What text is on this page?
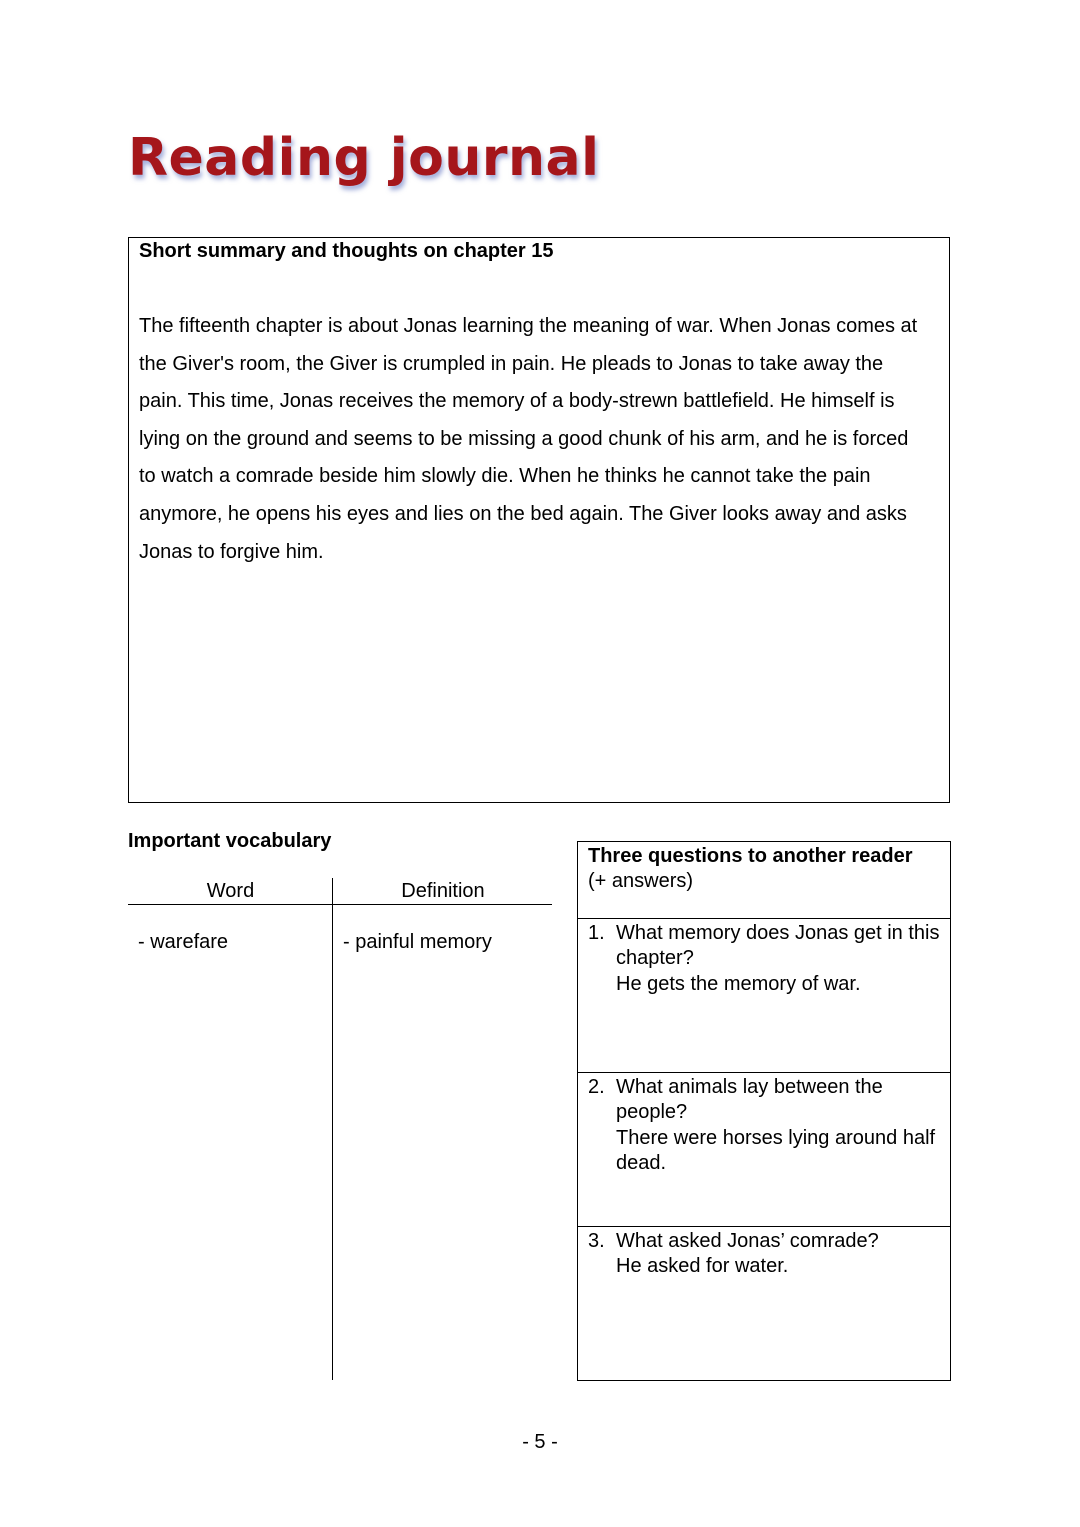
Reading journal
Short summary and thoughts on chapter 15

The fifteenth chapter is about Jonas learning the meaning of war. When Jonas comes at the Giver's room, the Giver is crumpled in pain. He pleads to Jonas to take away the pain. This time, Jonas receives the memory of a body-strewn battlefield. He himself is lying on the ground and seems to be missing a good chunk of his arm, and he is forced to watch a comrade beside him slowly die. When he thinks he cannot take the pain anymore, he opens his eyes and lies on the bed again. The Giver looks away and asks Jonas to forgive him.

Important vocabulary
Word	Definition
- warefare	- painful memory
Three questions to another reader
(+ answers)
1. What memory does Jonas get in this chapter?
He gets the memory of war.
2. What animals lay between the people?
There were horses lying around half dead.
3. What asked Jonas’ comrade?
He asked for water.
- 5 -
